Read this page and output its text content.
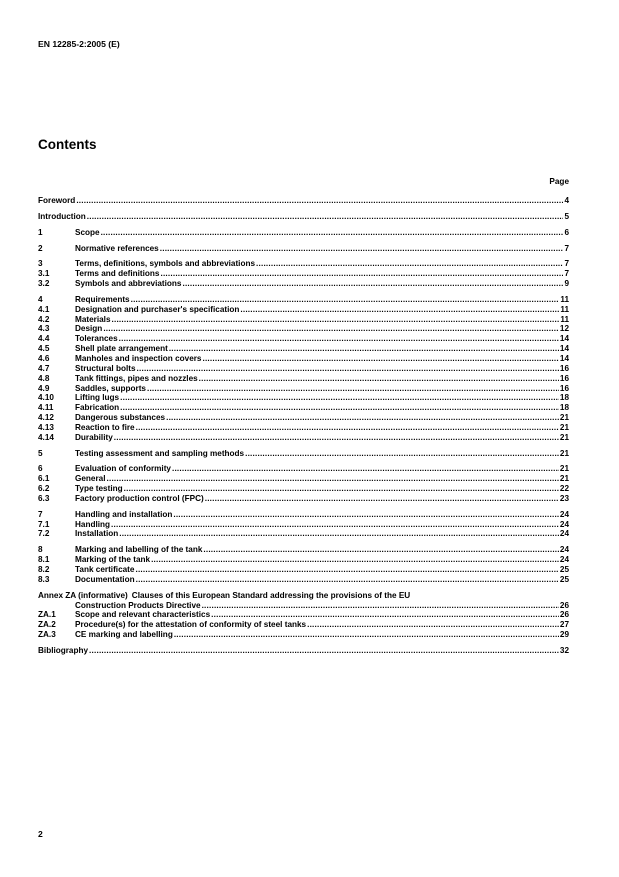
EN 12285-2:2005 (E)
Contents
Page
Foreword .....	4
Introduction .....	5
1	Scope .....	6
2	Normative references .....	7
3	Terms, definitions, symbols and abbreviations .....	7
3.1	Terms and definitions .....	7
3.2	Symbols and abbreviations .....	9
4	Requirements .....	11
4.1	Designation and purchaser's specification .....	11
4.2	Materials .....	11
4.3	Design .....	12
4.4	Tolerances .....	14
4.5	Shell plate arrangement .....	14
4.6	Manholes and inspection covers .....	14
4.7	Structural bolts .....	16
4.8	Tank fittings, pipes and nozzles .....	16
4.9	Saddles, supports .....	16
4.10	Lifting lugs .....	18
4.11	Fabrication .....	18
4.12	Dangerous substances .....	21
4.13	Reaction to fire .....	21
4.14	Durability .....	21
5	Testing assessment and sampling methods .....	21
6	Evaluation of conformity .....	21
6.1	General .....	21
6.2	Type testing .....	22
6.3	Factory production control (FPC) .....	23
7	Handling and installation .....	24
7.1	Handling .....	24
7.2	Installation .....	24
8	Marking and labelling of the tank .....	24
8.1	Marking of the tank .....	24
8.2	Tank certificate .....	25
8.3	Documentation .....	25
Annex ZA (informative) Clauses of this European Standard addressing the provisions of the EU
Construction Products Directive .....	26
ZA.1	Scope and relevant characteristics .....	26
ZA.2	Procedure(s) for the attestation of conformity of steel tanks .....	27
ZA.3	CE marking and labelling .....	29
Bibliography .....	32
2
